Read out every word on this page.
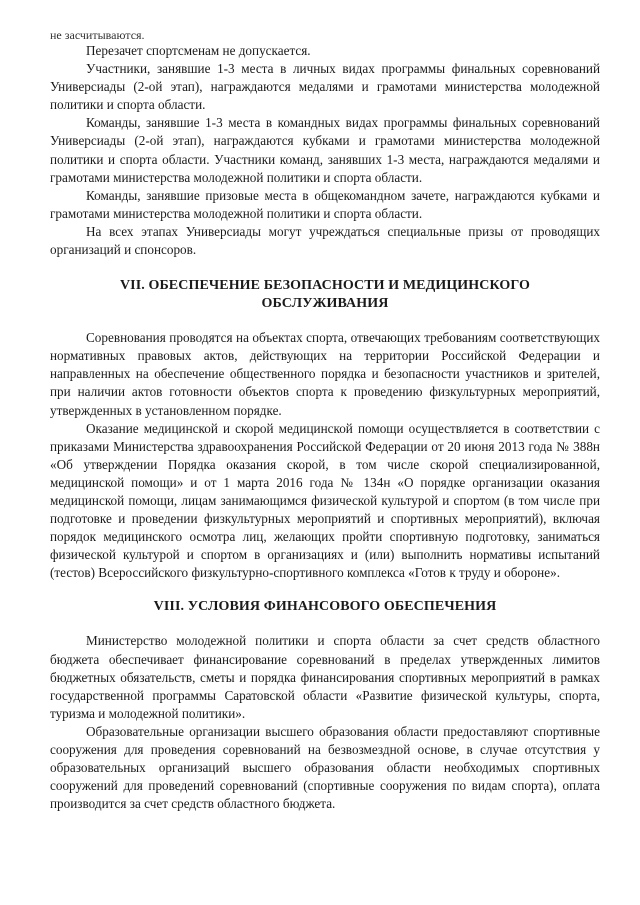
не засчитываются.

Перезачет спортсменам не допускается.

Участники, занявшие 1-3 места в личных видах программы финальных соревнований Универсиады (2-ой этап), награждаются медалями и грамотами министерства молодежной политики и спорта области.

Команды, занявшие 1-3 места в командных видах программы финальных соревнований Универсиады (2-ой этап), награждаются кубками и грамотами министерства молодежной политики и спорта области. Участники команд, занявших 1-3 места, награждаются медалями и грамотами министерства молодежной политики и спорта области.

Команды, занявшие призовые места в общекомандном зачете, награждаются кубками и грамотами министерства молодежной политики и спорта области.

На всех этапах Универсиады могут учреждаться специальные призы от проводящих организаций и спонсоров.

VII. ОБЕСПЕЧЕНИЕ БЕЗОПАСНОСТИ И МЕДИЦИНСКОГО
ОБСЛУЖИВАНИЯ

Соревнования проводятся на объектах спорта, отвечающих требованиям соответствующих нормативных правовых актов, действующих на территории Российской Федерации и направленных на обеспечение общественного порядка и безопасности участников и зрителей, при наличии актов готовности объектов спорта к проведению физкультурных мероприятий, утвержденных в установленном порядке.

Оказание медицинской и скорой медицинской помощи осуществляется в соответствии с приказами Министерства здравоохранения Российской Федерации от 20 июня 2013 года № 388н «Об утверждении Порядка оказания скорой, в том числе скорой специализированной, медицинской помощи» и от 1 марта 2016 года № 134н «О порядке организации оказания медицинской помощи, лицам занимающимся физической культурой и спортом (в том числе при подготовке и проведении физкультурных мероприятий и спортивных мероприятий), включая порядок медицинского осмотра лиц, желающих пройти спортивную подготовку, заниматься физической культурой и спортом в организациях и (или) выполнить нормативы испытаний (тестов) Всероссийского физкультурно-спортивного комплекса «Готов к труду и обороне».

VIII. УСЛОВИЯ ФИНАНСОВОГО ОБЕСПЕЧЕНИЯ

Министерство молодежной политики и спорта области за счет средств областного бюджета обеспечивает финансирование соревнований в пределах утвержденных лимитов бюджетных обязательств, сметы и порядка финансирования спортивных мероприятий в рамках государственной программы Саратовской области «Развитие физической культуры, спорта, туризма и молодежной политики».

Образовательные организации высшего образования области предоставляют спортивные сооружения для проведения соревнований на безвозмездной основе, в случае отсутствия у образовательных организаций высшего образования области необходимых спортивных сооружений для проведений соревнований (спортивные сооружения по видам спорта), оплата производится за счет средств областного бюджета.
